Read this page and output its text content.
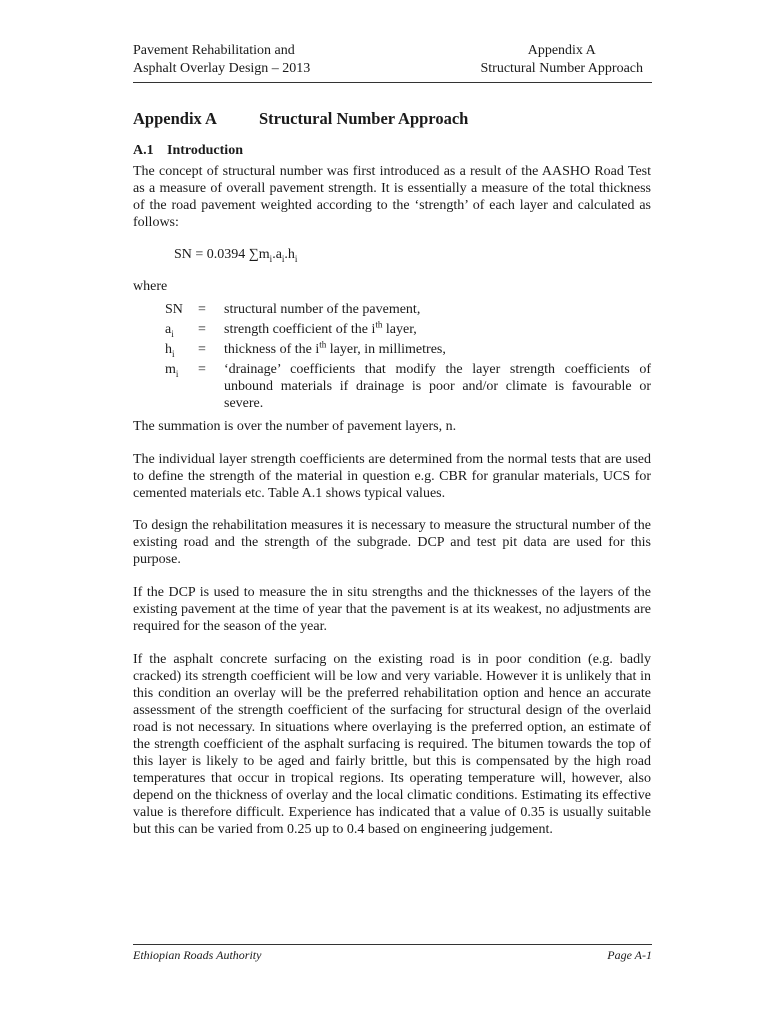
Pavement Rehabilitation and
Asphalt Overlay Design – 2013
Appendix A
Structural Number Approach
Appendix A	Structural Number Approach
A.1 Introduction

The concept of structural number was first introduced as a result of the AASHO Road Test as a measure of overall pavement strength. It is essentially a measure of the total thickness of the road pavement weighted according to the ‘strength’ of each layer and calculated as follows:

SN = 0.0394 $\sum m_i.a_i.h_i$
where
SN = structural number of the pavement,
$a_i$ = strength coefficient of the $i^{th}$ layer,
$h_i$ = thickness of the $i^{th}$ layer, in millimetres,
$m_i$ = ‘drainage’ coefficients that modify the layer strength coefficients of unbound materials if drainage is poor and/or climate is favourable or severe.

The summation is over the number of pavement layers, n.

The individual layer strength coefficients are determined from the normal tests that are used to define the strength of the material in question e.g. CBR for granular materials, UCS for cemented materials etc. Table A.1 shows typical values.

To design the rehabilitation measures it is necessary to measure the structural number of the existing road and the strength of the subgrade. DCP and test pit data are used for this purpose.

If the DCP is used to measure the in situ strengths and the thicknesses of the layers of the existing pavement at the time of year that the pavement is at its weakest, no adjustments are required for the season of the year.

If the asphalt concrete surfacing on the existing road is in poor condition (e.g. badly cracked) its strength coefficient will be low and very variable. However it is unlikely that in this condition an overlay will be the preferred rehabilitation option and hence an accurate assessment of the strength coefficient of the surfacing for structural design of the overlaid road is not necessary. In situations where overlaying is the preferred option, an estimate of the strength coefficient of the asphalt surfacing is required. The bitumen towards the top of this layer is likely to be aged and fairly brittle, but this is compensated by the high road temperatures that occur in tropical regions. Its operating temperature will, however, also depend on the thickness of overlay and the local climatic conditions. Estimating its effective value is therefore difficult. Experience has indicated that a value of 0.35 is usually suitable but this can be varied from 0.25 up to 0.4 based on engineering judgement.

Ethiopian Roads Authority	Page A-1
